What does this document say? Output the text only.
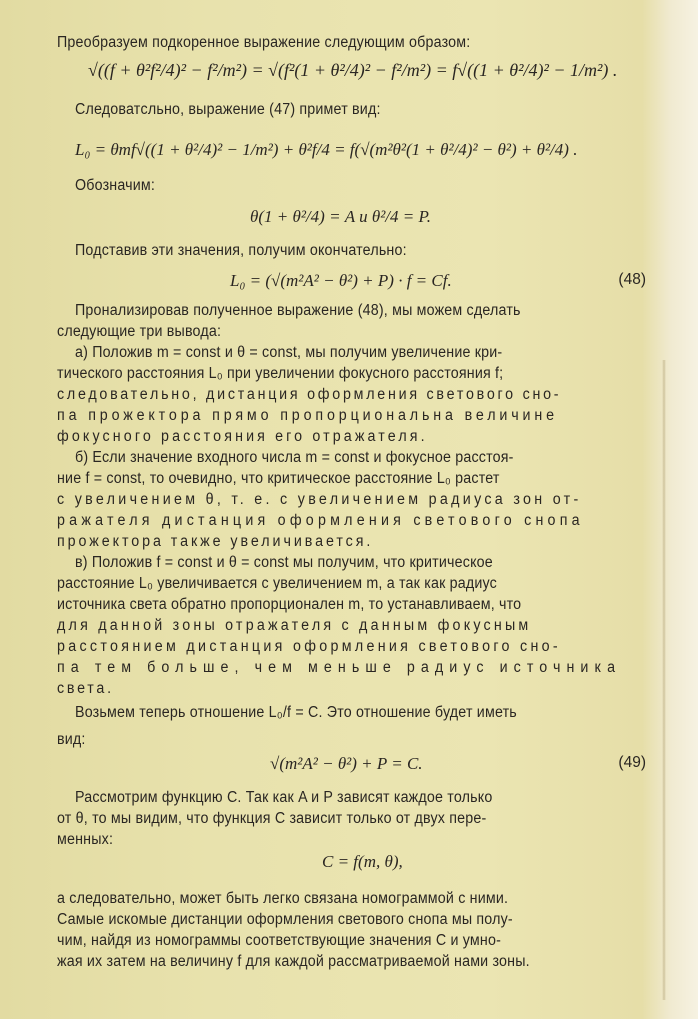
Преобразуем подкоренное выражение следующим образом:
√((f + θ²f²/4)² − f²/m²) = √(f²(1 + θ²/4)² − f²/m²) = f√((1 + θ²/4)² − 1/m²) .
Следоватcльно, выражение (47) примет вид:
L₀ = θmf√((1 + θ²/4)² − 1/m²) + θ²f/4 = f(√(m²θ²(1 + θ²/4)² − θ²) + θ²/4) .
Обозначим:
θ(1 + θ²/4) = A и θ²/4 = P.
Подставив эти значения, получим окончательно:
L₀ = (√(m²A² − θ²) + P) · f = Cf.	(48)
Пронализировав полученное выражение (48), мы можем сделать
следующие три вывода:
а) Положив m = const и θ = const, мы получим увеличение кри-
тического расстояния L₀ при увеличении фокусного расстояния f;
следовательно, дистанция оформления светового сно-
па прожектора прямо пропорциональна величине
фокусного расстояния его отражателя.
б) Если значение входного числа m = const и фокусное расстоя-
ние f = const, то очевидно, что критическое расстояние L₀ растет
с увеличением θ, т. е. с увеличением радиуса зон от-
ражателя дистанция оформления светового снопа
прожектора также увеличивается.
в) Положив f = const и θ = const мы получим, что критическое
расстояние L₀ увеличивается с увеличением m, а так как радиус
источника света обратно пропорционален m, то устанавливаем, что
для данной зоны отражателя с данным фокусным
расстоянием дистанция оформления светового сно-
па тем больше, чем меньше радиус источника
света.
Возьмем теперь отношение L₀/f = C. Это отношение будет иметь
вид:
√(m²A² − θ²) + P = C.	(49)
Рассмотрим функцию C. Так как A и P зависят каждое только
от θ, то мы видим, что функция C зависит только от двух пере-
менных:
C = f(m, θ),
а следовательно, может быть легко связана номограммой с ними.
Самые искомые дистанции оформления светового снопа мы полу-
чим, найдя из номограммы соответствующие значения C и умно-
жая их затем на величину f для каждой рассматриваемой нами зоны.
